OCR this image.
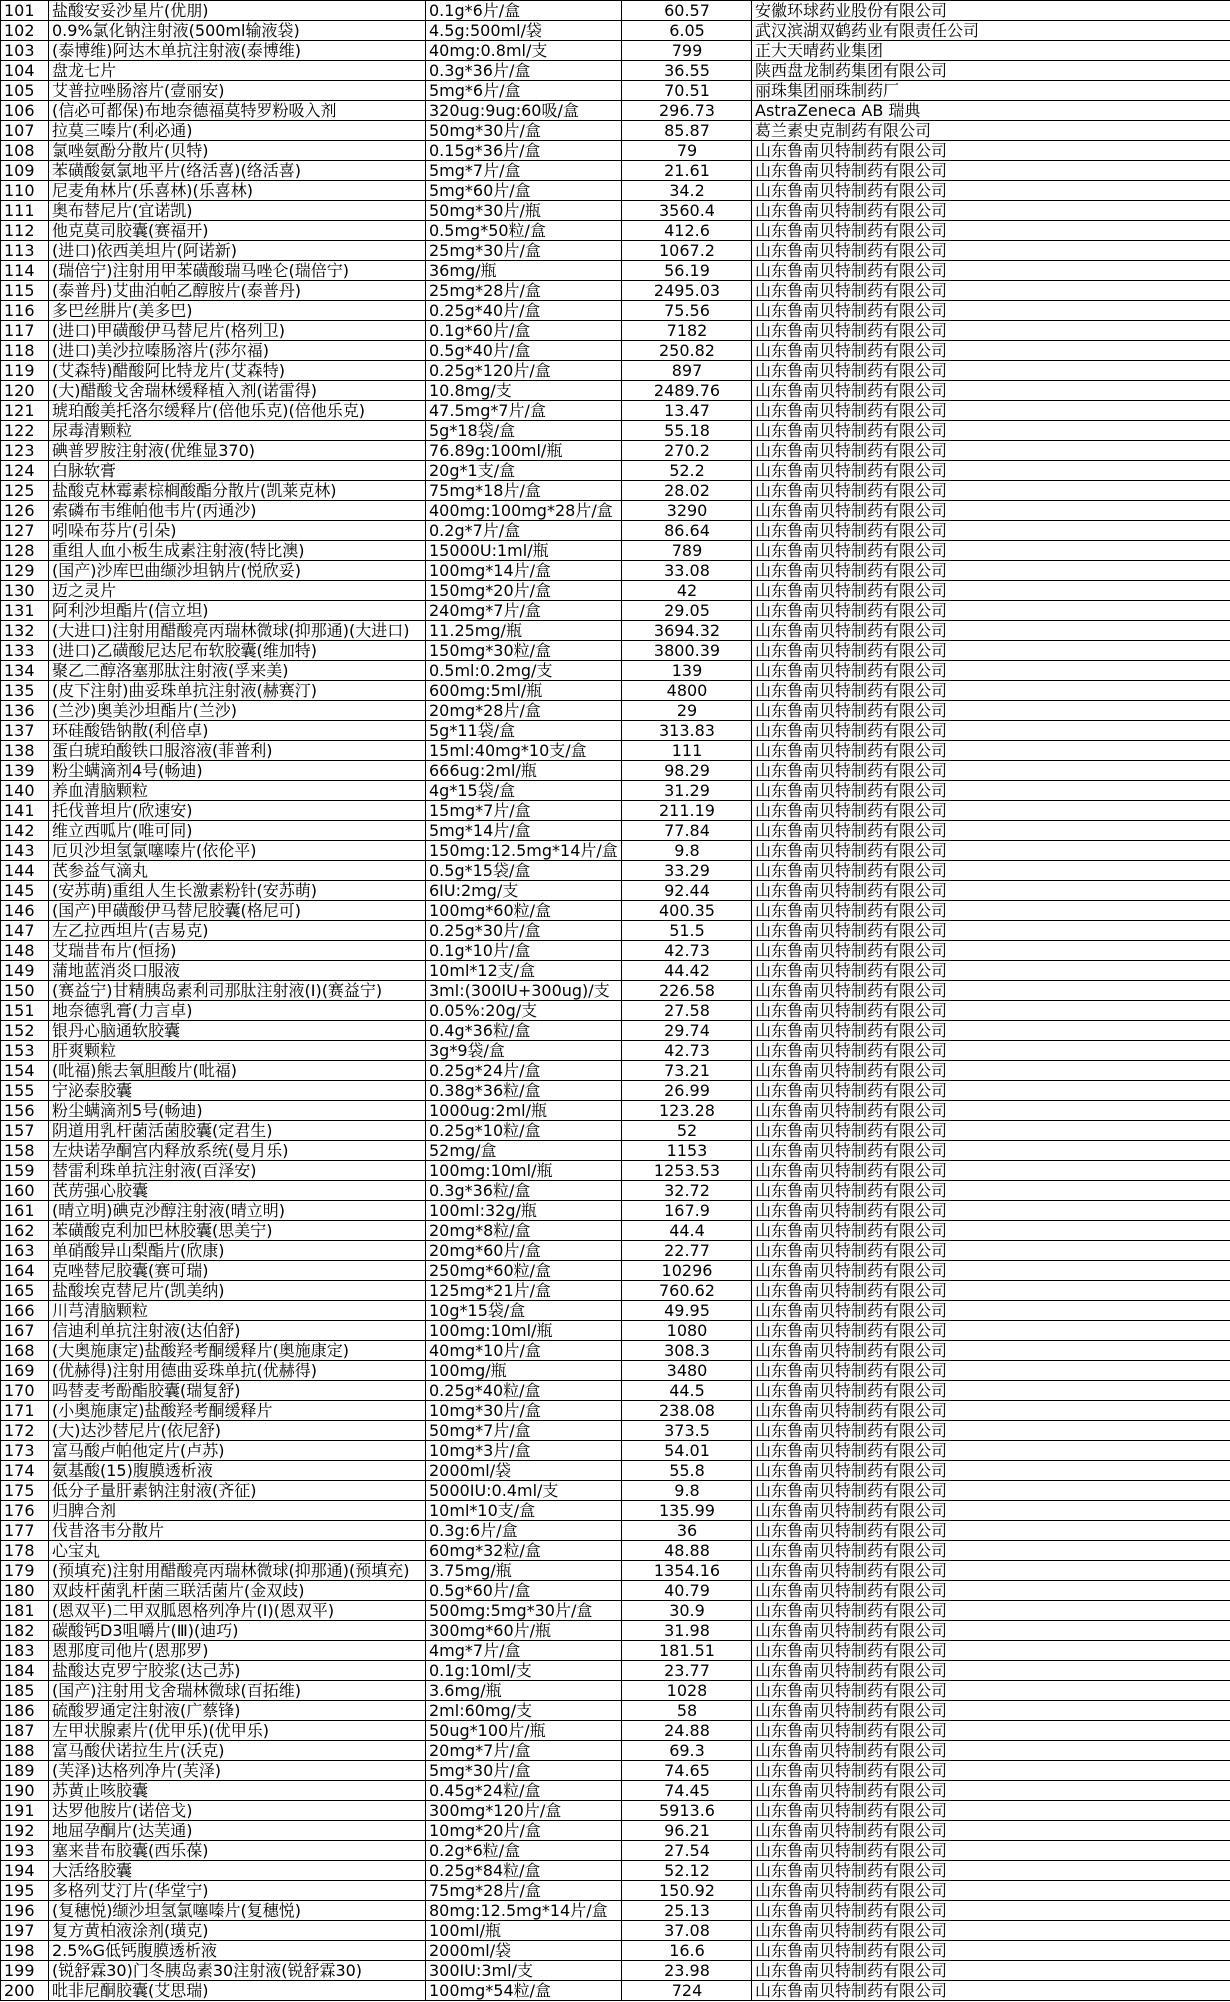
101	盐酸安妥沙星片(优朋)	0.1g*6片/盒	60.57	安徽环球药业股份有限公司
102	0.9%氯化钠注射液(500ml输液袋)	4.5g:500ml/袋	6.05	武汉滨湖双鹤药业有限责任公司
103	(泰博维)阿达木单抗注射液(泰博维)	40mg:0.8ml/支	799	正大天晴药业集团
104	盘龙七片	0.3g*36片/盒	36.55	陕西盘龙制药集团有限公司
105	艾普拉唑肠溶片(壹丽安)	5mg*6片/盒	70.51	丽珠集团丽珠制药厂
106	(信必可都保)布地奈德福莫特罗粉吸入剂	320ug:9ug:60吸/盒	296.73	AstraZeneca AB 瑞典
107	拉莫三嗪片(利必通)	50mg*30片/盒	85.87	葛兰素史克制药有限公司
108	氯唑氨酚分散片(贝特)	0.15g*36片/盒	79	山东鲁南贝特制药有限公司
109	苯磺酸氨氯地平片(络活喜)(络活喜)	5mg*7片/盒	21.61	山东鲁南贝特制药有限公司
110	尼麦角林片(乐喜林)(乐喜林)	5mg*60片/盒	34.2	山东鲁南贝特制药有限公司
111	奥布替尼片(宜诺凯)	50mg*30片/瓶	3560.4	山东鲁南贝特制药有限公司
112	他克莫司胶囊(赛福开)	0.5mg*50粒/盒	412.6	山东鲁南贝特制药有限公司
113	(进口)依西美坦片(阿诺新)	25mg*30片/盒	1067.2	山东鲁南贝特制药有限公司
114	(瑞倍宁)注射用甲苯磺酸瑞马唑仑(瑞倍宁)	36mg/瓶	56.19	山东鲁南贝特制药有限公司
115	(泰普丹)艾曲泊帕乙醇胺片(泰普丹)	25mg*28片/盒	2495.03	山东鲁南贝特制药有限公司
116	多巴丝肼片(美多巴)	0.25g*40片/盒	75.56	山东鲁南贝特制药有限公司
117	(进口)甲磺酸伊马替尼片(格列卫)	0.1g*60片/盒	7182	山东鲁南贝特制药有限公司
118	(进口)美沙拉嗪肠溶片(莎尔福)	0.5g*40片/盒	250.82	山东鲁南贝特制药有限公司
119	(艾森特)醋酸阿比特龙片(艾森特)	0.25g*120片/盒	897	山东鲁南贝特制药有限公司
120	(大)醋酸戈舍瑞林缓释植入剂(诺雷得)	10.8mg/支	2489.76	山东鲁南贝特制药有限公司
121	琥珀酸美托洛尔缓释片(倍他乐克)(倍他乐克)	47.5mg*7片/盒	13.47	山东鲁南贝特制药有限公司
122	尿毒清颗粒	5g*18袋/盒	55.18	山东鲁南贝特制药有限公司
123	碘普罗胺注射液(优维显370)	76.89g:100ml/瓶	270.2	山东鲁南贝特制药有限公司
124	白脉软膏	20g*1支/盒	52.2	山东鲁南贝特制药有限公司
125	盐酸克林霉素棕榈酸酯分散片(凯莱克林)	75mg*18片/盒	28.02	山东鲁南贝特制药有限公司
126	索磷布韦维帕他韦片(丙通沙)	400mg:100mg*28片/盒	3290	山东鲁南贝特制药有限公司
127	吲哚布芬片(引朵)	0.2g*7片/盒	86.64	山东鲁南贝特制药有限公司
128	重组人血小板生成素注射液(特比澳)	15000U:1ml/瓶	789	山东鲁南贝特制药有限公司
129	(国产)沙库巴曲缬沙坦钠片(悦欣妥)	100mg*14片/盒	33.08	山东鲁南贝特制药有限公司
130	迈之灵片	150mg*20片/盒	42	山东鲁南贝特制药有限公司
131	阿利沙坦酯片(信立坦)	240mg*7片/盒	29.05	山东鲁南贝特制药有限公司
132	(大进口)注射用醋酸亮丙瑞林微球(抑那通)(大进口)	11.25mg/瓶	3694.32	山东鲁南贝特制药有限公司
133	(进口)乙磺酸尼达尼布软胶囊(维加特)	150mg*30粒/盒	3800.39	山东鲁南贝特制药有限公司
134	聚乙二醇洛塞那肽注射液(孚来美)	0.5ml:0.2mg/支	139	山东鲁南贝特制药有限公司
135	(皮下注射)曲妥珠单抗注射液(赫赛汀)	600mg:5ml/瓶	4800	山东鲁南贝特制药有限公司
136	(兰沙)奥美沙坦酯片(兰沙)	20mg*28片/盒	29	山东鲁南贝特制药有限公司
137	环硅酸锆钠散(利倍卓)	5g*11袋/盒	313.83	山东鲁南贝特制药有限公司
138	蛋白琥珀酸铁口服溶液(菲普利)	15ml:40mg*10支/盒	111	山东鲁南贝特制药有限公司
139	粉尘螨滴剂4号(畅迪)	666ug:2ml/瓶	98.29	山东鲁南贝特制药有限公司
140	养血清脑颗粒	4g*15袋/盒	31.29	山东鲁南贝特制药有限公司
141	托伐普坦片(欣速安)	15mg*7片/盒	211.19	山东鲁南贝特制药有限公司
142	维立西呱片(唯可同)	5mg*14片/盒	77.84	山东鲁南贝特制药有限公司
143	厄贝沙坦氢氯噻嗪片(依伦平)	150mg:12.5mg*14片/盒	9.8	山东鲁南贝特制药有限公司
144	芪参益气滴丸	0.5g*15袋/盒	33.29	山东鲁南贝特制药有限公司
145	(安苏萌)重组人生长激素粉针(安苏萌)	6IU:2mg/支	92.44	山东鲁南贝特制药有限公司
146	(国产)甲磺酸伊马替尼胶囊(格尼可)	100mg*60粒/盒	400.35	山东鲁南贝特制药有限公司
147	左乙拉西坦片(吉易克)	0.25g*30片/盒	51.5	山东鲁南贝特制药有限公司
148	艾瑞昔布片(恒扬)	0.1g*10片/盒	42.73	山东鲁南贝特制药有限公司
149	蒲地蓝消炎口服液	10ml*12支/盒	44.42	山东鲁南贝特制药有限公司
150	(赛益宁)甘精胰岛素利司那肽注射液(Ⅰ)(赛益宁)	3ml:(300IU+300ug)/支	226.58	山东鲁南贝特制药有限公司
151	地奈德乳膏(力言卓)	0.05%:20g/支	27.58	山东鲁南贝特制药有限公司
152	银丹心脑通软胶囊	0.4g*36粒/盒	29.74	山东鲁南贝特制药有限公司
153	肝爽颗粒	3g*9袋/盒	42.73	山东鲁南贝特制药有限公司
154	(吡福)熊去氧胆酸片(吡福)	0.25g*24片/盒	73.21	山东鲁南贝特制药有限公司
155	宁泌泰胶囊	0.38g*36粒/盒	26.99	山东鲁南贝特制药有限公司
156	粉尘螨滴剂5号(畅迪)	1000ug:2ml/瓶	123.28	山东鲁南贝特制药有限公司
157	阴道用乳杆菌活菌胶囊(定君生)	0.25g*10粒/盒	52	山东鲁南贝特制药有限公司
158	左炔诺孕酮宫内释放系统(曼月乐)	52mg/盒	1153	山东鲁南贝特制药有限公司
159	替雷利珠单抗注射液(百泽安)	100mg:10ml/瓶	1253.53	山东鲁南贝特制药有限公司
160	芪苈强心胶囊	0.3g*36粒/盒	32.72	山东鲁南贝特制药有限公司
161	(晴立明)碘克沙醇注射液(晴立明)	100ml:32g/瓶	167.9	山东鲁南贝特制药有限公司
162	苯磺酸克利加巴林胶囊(思美宁)	20mg*8粒/盒	44.4	山东鲁南贝特制药有限公司
163	单硝酸异山梨酯片(欣康)	20mg*60片/盒	22.77	山东鲁南贝特制药有限公司
164	克唑替尼胶囊(赛可瑞)	250mg*60粒/盒	10296	山东鲁南贝特制药有限公司
165	盐酸埃克替尼片(凯美纳)	125mg*21片/盒	760.62	山东鲁南贝特制药有限公司
166	川芎清脑颗粒	10g*15袋/盒	49.95	山东鲁南贝特制药有限公司
167	信迪利单抗注射液(达伯舒)	100mg:10ml/瓶	1080	山东鲁南贝特制药有限公司
168	(大奥施康定)盐酸羟考酮缓释片(奥施康定)	40mg*10片/盒	308.3	山东鲁南贝特制药有限公司
169	(优赫得)注射用德曲妥珠单抗(优赫得)	100mg/瓶	3480	山东鲁南贝特制药有限公司
170	吗替麦考酚酯胶囊(瑞复舒)	0.25g*40粒/盒	44.5	山东鲁南贝特制药有限公司
171	(小奥施康定)盐酸羟考酮缓释片	10mg*30片/盒	238.08	山东鲁南贝特制药有限公司
172	(大)达沙替尼片(依尼舒)	50mg*7片/盒	373.5	山东鲁南贝特制药有限公司
173	富马酸卢帕他定片(卢苏)	10mg*3片/盒	54.01	山东鲁南贝特制药有限公司
174	氨基酸(15)腹膜透析液	2000ml/袋	55.8	山东鲁南贝特制药有限公司
175	低分子量肝素钠注射液(齐征)	5000IU:0.4ml/支	9.8	山东鲁南贝特制药有限公司
176	归脾合剂	10ml*10支/盒	135.99	山东鲁南贝特制药有限公司
177	伐昔洛韦分散片	0.3g:6片/盒	36	山东鲁南贝特制药有限公司
178	心宝丸	60mg*32粒/盒	48.88	山东鲁南贝特制药有限公司
179	(预填充)注射用醋酸亮丙瑞林微球(抑那通)(预填充)	3.75mg/瓶	1354.16	山东鲁南贝特制药有限公司
180	双歧杆菌乳杆菌三联活菌片(金双歧)	0.5g*60片/盒	40.79	山东鲁南贝特制药有限公司
181	(恩双平)二甲双胍恩格列净片(Ⅰ)(恩双平)	500mg:5mg*30片/盒	30.9	山东鲁南贝特制药有限公司
182	碳酸钙D3咀嚼片(Ⅲ)(迪巧)	300mg*60片/瓶	31.98	山东鲁南贝特制药有限公司
183	恩那度司他片(恩那罗)	4mg*7片/盒	181.51	山东鲁南贝特制药有限公司
184	盐酸达克罗宁胶浆(达己苏)	0.1g:10ml/支	23.77	山东鲁南贝特制药有限公司
185	(国产)注射用戈舍瑞林微球(百拓维)	3.6mg/瓶	1028	山东鲁南贝特制药有限公司
186	硫酸罗通定注射液(广蔡锋)	2ml:60mg/支	58	山东鲁南贝特制药有限公司
187	左甲状腺素片(优甲乐)(优甲乐)	50ug*100片/瓶	24.88	山东鲁南贝特制药有限公司
188	富马酸伏诺拉生片(沃克)	20mg*7片/盒	69.3	山东鲁南贝特制药有限公司
189	(芙泽)达格列净片(芙泽)	5mg*30片/盒	74.65	山东鲁南贝特制药有限公司
190	苏黄止咳胶囊	0.45g*24粒/盒	74.45	山东鲁南贝特制药有限公司
191	达罗他胺片(诺倍戈)	300mg*120片/盒	5913.6	山东鲁南贝特制药有限公司
192	地屈孕酮片(达芙通)	10mg*20片/盒	96.21	山东鲁南贝特制药有限公司
193	塞来昔布胶囊(西乐葆)	0.2g*6粒/盒	27.54	山东鲁南贝特制药有限公司
194	大活络胶囊	0.25g*84粒/盒	52.12	山东鲁南贝特制药有限公司
195	多格列艾汀片(华堂宁)	75mg*28片/盒	150.92	山东鲁南贝特制药有限公司
196	(复穗悦)缬沙坦氢氯噻嗪片(复穗悦)	80mg:12.5mg*14片/盒	25.13	山东鲁南贝特制药有限公司
197	复方黄柏液涂剂(璜克)	100ml/瓶	37.08	山东鲁南贝特制药有限公司
198	2.5%G低钙腹膜透析液	2000ml/袋	16.6	山东鲁南贝特制药有限公司
199	(锐舒霖30)门冬胰岛素30注射液(锐舒霖30)	300IU:3ml/支	23.98	山东鲁南贝特制药有限公司
200	吡非尼酮胶囊(艾思瑞)	100mg*54粒/盒	724	山东鲁南贝特制药有限公司
